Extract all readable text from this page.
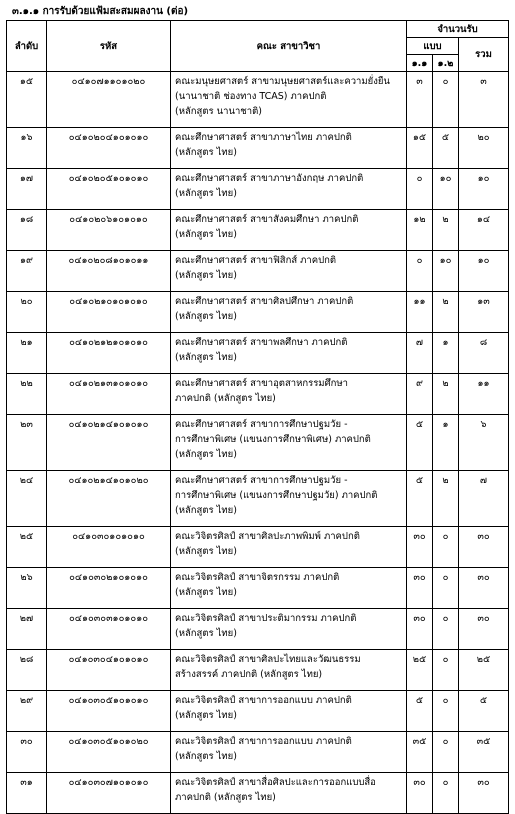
๓.๑.๑ การรับด้วยแฟ้มสะสมผลงาน (ต่อ)
ลำดับ	รหัส	คณะ สาขาวิชา	จำนวนรับ		
			แบบ		รวม
			๑.๑	๑.๒	
๑๕	๐๔๑๐๗๑๑๐๑๐๒๐	คณะมนุษยศาสตร์ สาขามนุษยศาสตร์และความยั่งยืน
(นานาชาติ ช่องทาง TCAS) ภาคปกติ
(หลักสูตร นานาชาติ)	๓	๐	๓
๑๖	๐๔๑๐๒๐๔๑๐๑๐๑๐	คณะศึกษาศาสตร์ สาขาภาษาไทย ภาคปกติ
(หลักสูตร ไทย)	๑๕	๕	๒๐
๑๗	๐๔๑๐๒๐๕๑๐๑๐๑๐	คณะศึกษาศาสตร์ สาขาภาษาอังกฤษ ภาคปกติ
(หลักสูตร ไทย)	๐	๑๐	๑๐
๑๘	๐๔๑๐๒๐๖๑๐๑๐๑๐	คณะศึกษาศาสตร์ สาขาสังคมศึกษา ภาคปกติ
(หลักสูตร ไทย)	๑๒	๒	๑๔
๑๙	๐๔๑๐๒๐๘๑๐๑๐๑๑	คณะศึกษาศาสตร์ สาขาฟิสิกส์ ภาคปกติ
(หลักสูตร ไทย)	๐	๑๐	๑๐
๒๐	๐๔๑๐๒๑๐๑๐๑๐๑๐	คณะศึกษาศาสตร์ สาขาศิลปศึกษา ภาคปกติ
(หลักสูตร ไทย)	๑๑	๒	๑๓
๒๑	๐๔๑๐๒๑๒๑๐๑๐๑๐	คณะศึกษาศาสตร์ สาขาพลศึกษา ภาคปกติ
(หลักสูตร ไทย)	๗	๑	๘
๒๒	๐๔๑๐๒๑๓๑๐๑๐๑๐	คณะศึกษาศาสตร์ สาขาอุตสาหกรรมศึกษา
ภาคปกติ (หลักสูตร ไทย)	๙	๒	๑๑
๒๓	๐๔๑๐๒๑๔๑๐๑๐๑๐	คณะศึกษาศาสตร์ สาขาการศึกษาปฐมวัย -
การศึกษาพิเศษ (แขนงการศึกษาพิเศษ) ภาคปกติ
(หลักสูตร ไทย)	๕	๑	๖
๒๔	๐๔๑๐๒๑๔๑๐๑๐๒๐	คณะศึกษาศาสตร์ สาขาการศึกษาปฐมวัย -
การศึกษาพิเศษ (แขนงการศึกษาปฐมวัย) ภาคปกติ
(หลักสูตร ไทย)	๕	๒	๗
๒๕	๐๔๑๐๓๐๑๐๑๐๑๐	คณะวิจิตรศิลป์ สาขาศิลปะภาพพิมพ์ ภาคปกติ
(หลักสูตร ไทย)	๓๐	๐	๓๐
๒๖	๐๔๑๐๓๐๒๑๐๑๐๑๐	คณะวิจิตรศิลป์ สาขาจิตรกรรม ภาคปกติ
(หลักสูตร ไทย)	๓๐	๐	๓๐
๒๗	๐๔๑๐๓๐๓๑๐๑๐๑๐	คณะวิจิตรศิลป์ สาขาประติมากรรม ภาคปกติ
(หลักสูตร ไทย)	๓๐	๐	๓๐
๒๘	๐๔๑๐๓๐๔๑๐๑๐๑๐	คณะวิจิตรศิลป์ สาขาศิลปะไทยและวัฒนธรรม
สร้างสรรค์ ภาคปกติ (หลักสูตร ไทย)	๒๕	๐	๒๕
๒๙	๐๔๑๐๓๐๕๑๐๑๐๑๐	คณะวิจิตรศิลป์ สาขาการออกแบบ ภาคปกติ
(หลักสูตร ไทย)	๕	๐	๕
๓๐	๐๔๑๐๓๐๕๑๐๑๐๒๐	คณะวิจิตรศิลป์ สาขาการออกแบบ ภาคปกติ
(หลักสูตร ไทย)	๓๕	๐	๓๕
๓๑	๐๔๑๐๓๐๗๑๐๑๐๑๐	คณะวิจิตรศิลป์ สาขาสื่อศิลปะและการออกแบบสื่อ
ภาคปกติ (หลักสูตร ไทย)	๓๐	๐	๓๐
